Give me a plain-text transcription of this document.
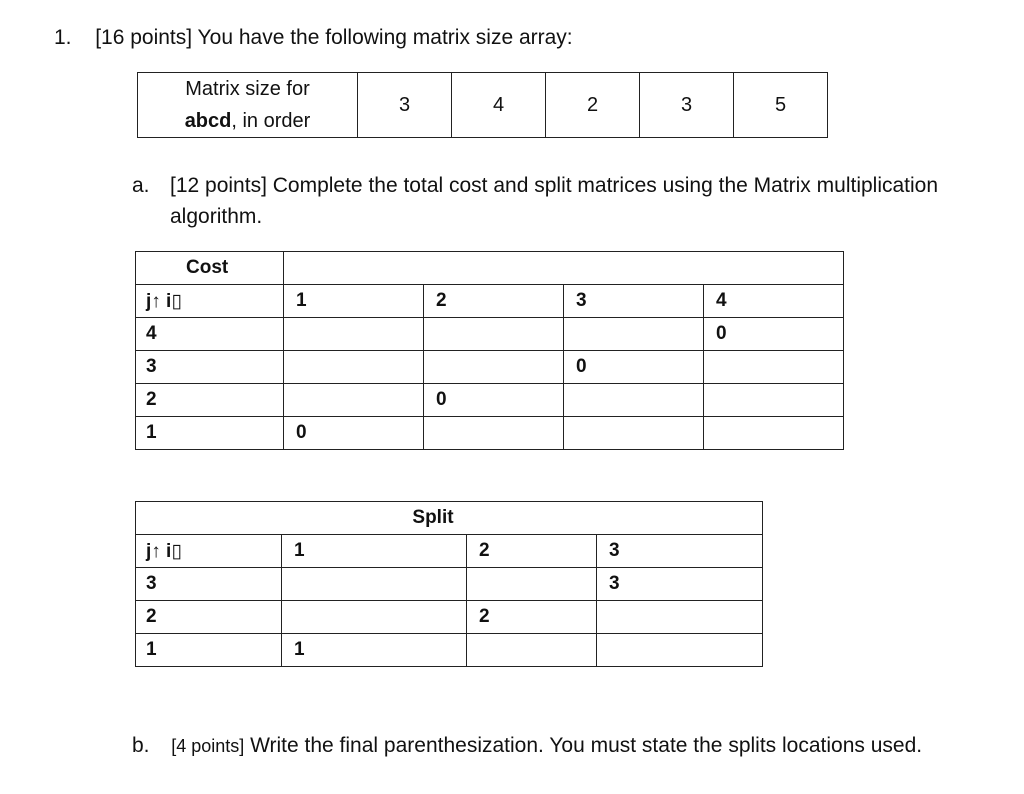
1. [16 points] You have the following matrix size array:
Matrix size for
abcd, in order	3	4	2	3	5
a. [12 points] Complete the total cost and split matrices using the Matrix multiplication
algorithm.
Cost				
j↑ i▯	1	2	3	4
4				0
3			0	
2		0		
1	0			
Split			
j↑ i▯	1	2	3
3			3
2		2	
1	1		
b. [4 points] Write the final parenthesization. You must state the splits locations used.
